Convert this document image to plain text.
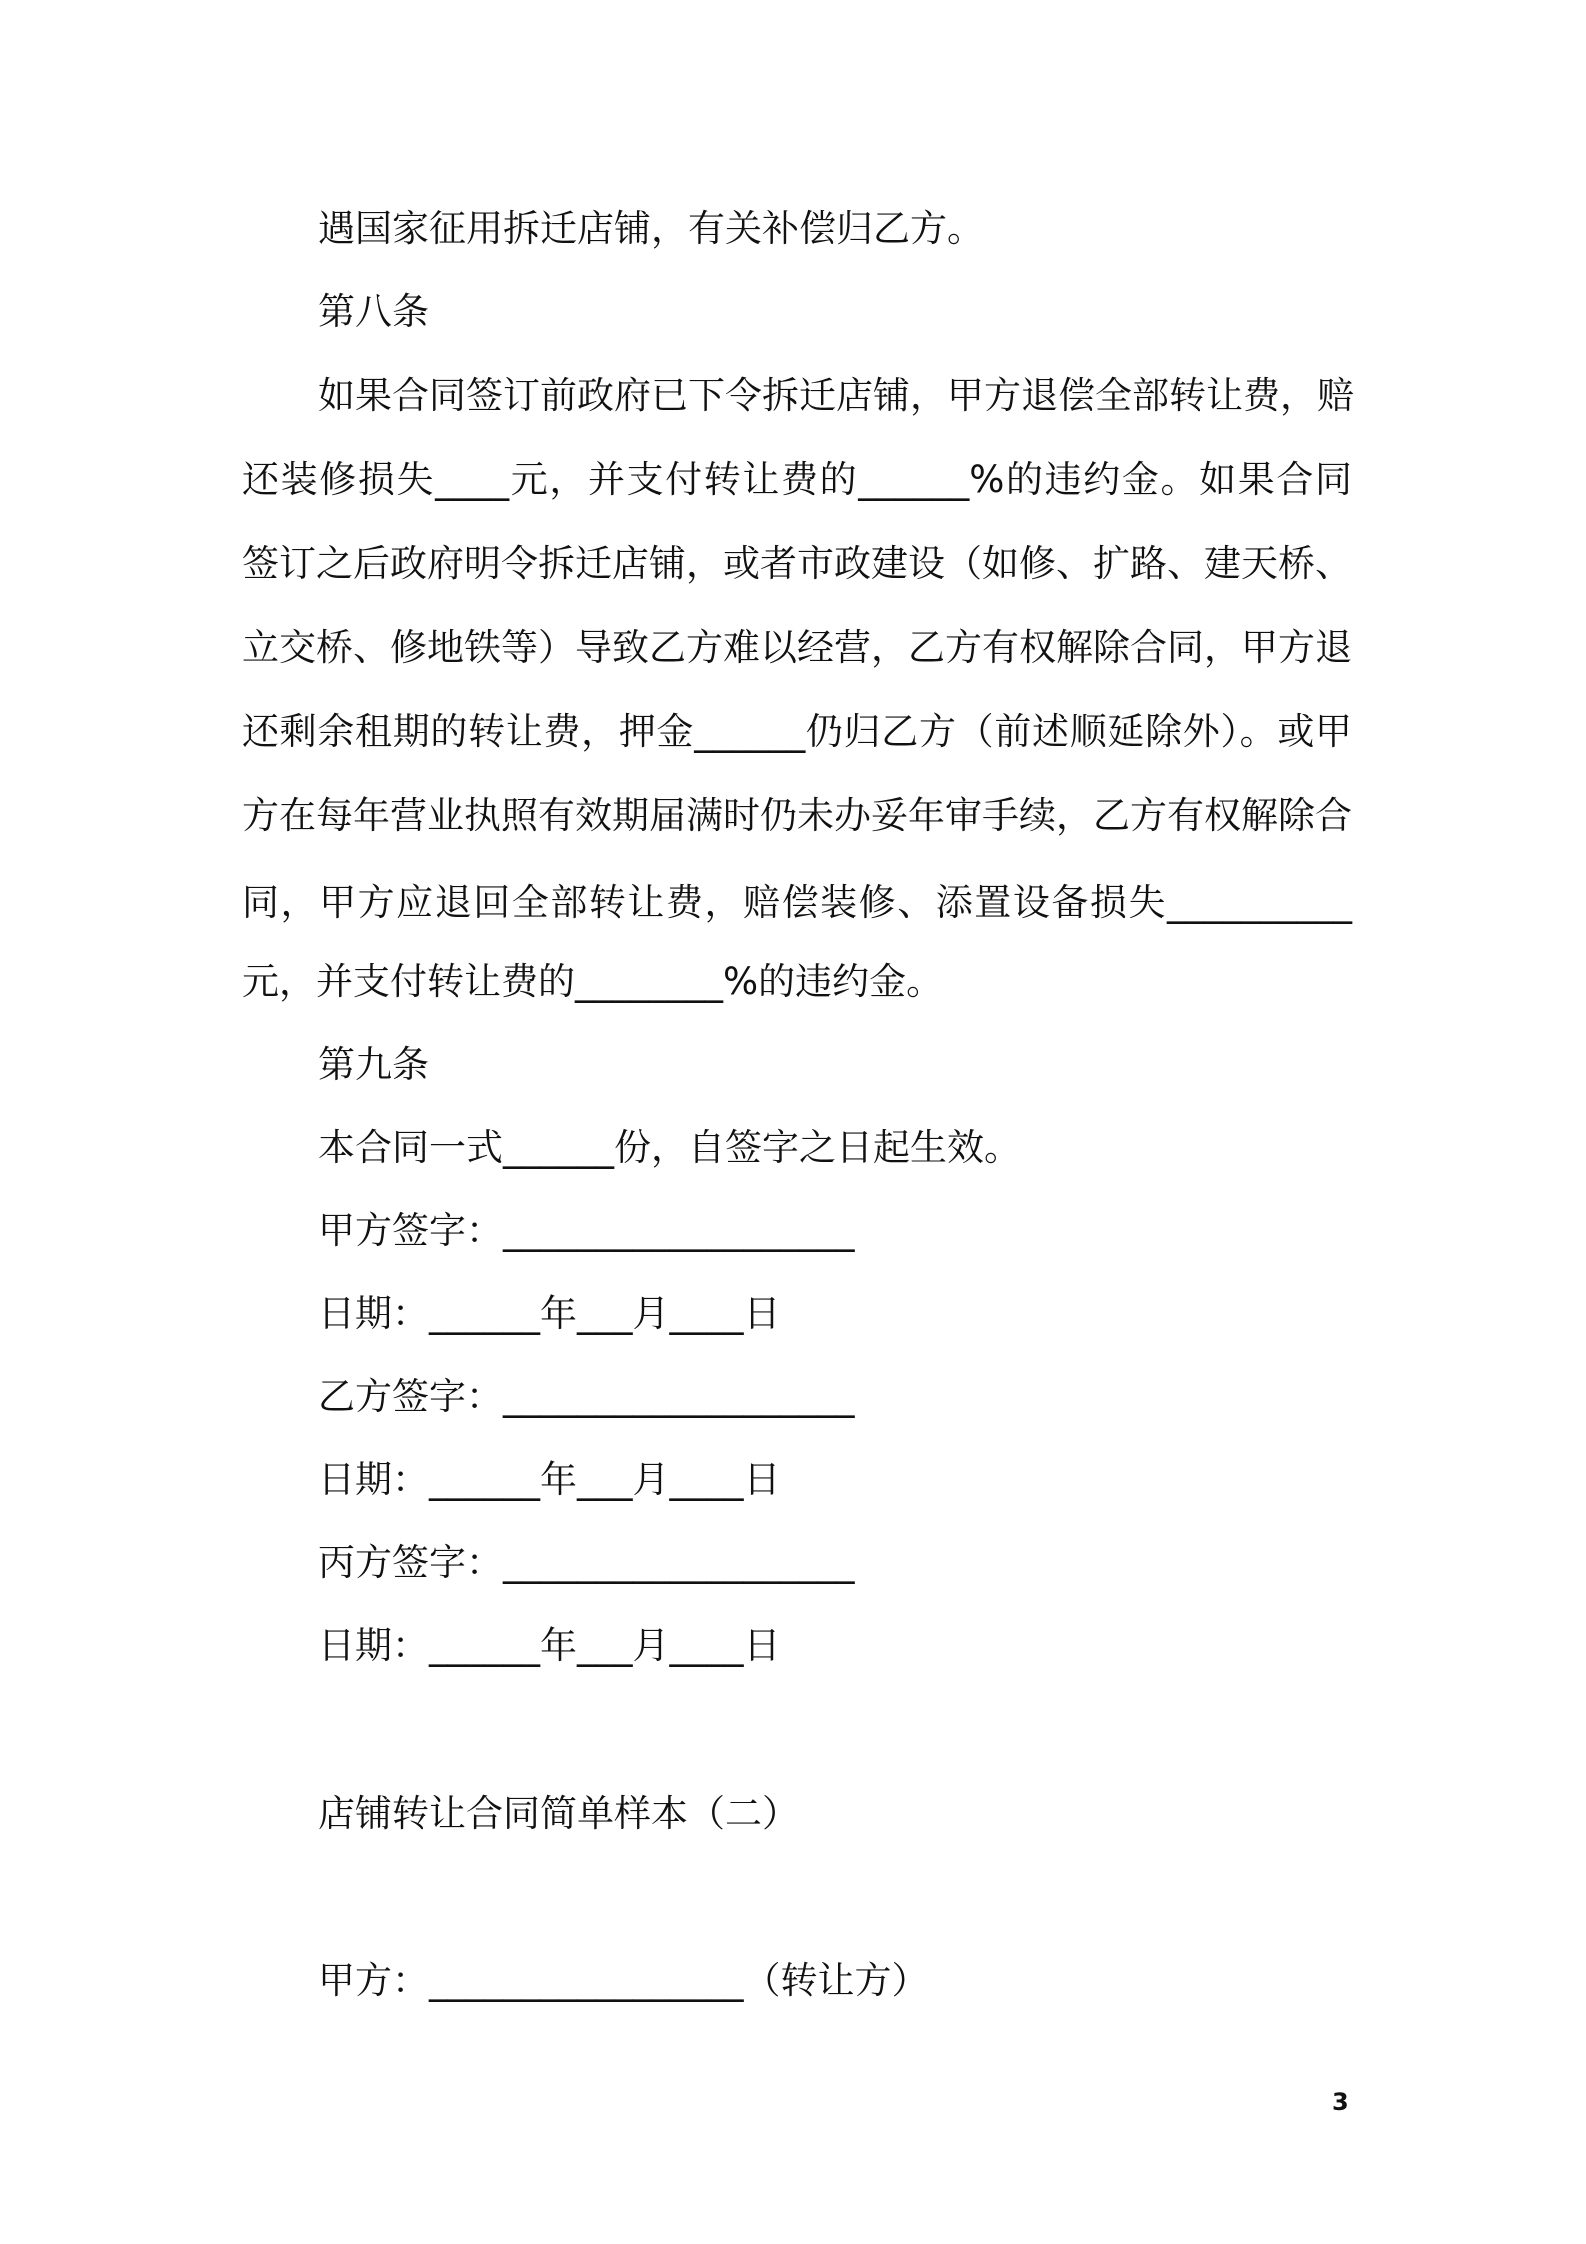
遇国家征用拆迁店铺，有关补偿归乙方。
第八条
如果合同签订前政府已下令拆迁店铺，甲方退偿全部转让费，赔
还装修损失____元，并支付转让费的______%的违约金。如果合同
签订之后政府明令拆迁店铺，或者市政建设（如修、扩路、建天桥、
立交桥、修地铁等）导致乙方难以经营，乙方有权解除合同，甲方退
还剩余租期的转让费，押金______仍归乙方（前述顺延除外）。或甲
方在每年营业执照有效期届满时仍未办妥年审手续，乙方有权解除合
同，甲方应退回全部转让费，赔偿装修、添置设备损失__________
元，并支付转让费的________%的违约金。
第九条
本合同一式______份，自签字之日起生效。
甲方签字：___________________
日期：______年___月____日
乙方签字：___________________
日期：______年___月____日
丙方签字：___________________
日期：______年___月____日
店铺转让合同简单样本（二）
甲方：_________________（转让方）
3
